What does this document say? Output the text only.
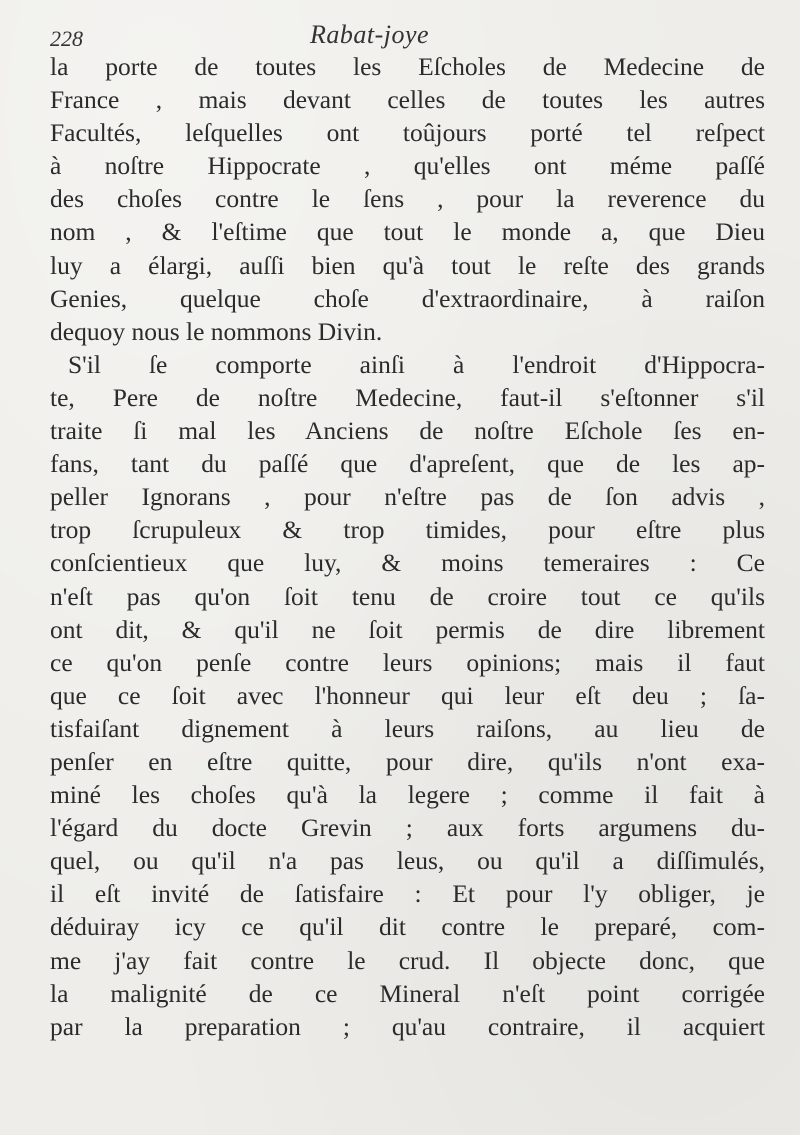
228	Rabat-joye
la porte de toutes les Eſcholes de Medecine de
France , mais devant celles de toutes les autres
Facultés, leſquelles ont toûjours porté tel reſpect
à noſtre Hippocrate , qu'elles ont méme paſſé
des choſes contre le ſens , pour la reverence du
nom , & l'eſtime que tout le monde a, que Dieu
luy a élargi, auſſi bien qu'à tout le reſte des grands
Genies, quelque choſe d'extraordinaire, à raiſon
dequoy nous le nommons Divin.
S'il ſe comporte ainſi à l'endroit d'Hippocra-
te, Pere de noſtre Medecine, faut-il s'eſtonner s'il
traite ſi mal les Anciens de noſtre Eſchole ſes en-
fans, tant du paſſé que d'apreſent, que de les ap-
peller Ignorans , pour n'eſtre pas de ſon advis ,
trop ſcrupuleux & trop timides, pour eſtre plus
conſcientieux que luy, & moins temeraires : Ce
n'eſt pas qu'on ſoit tenu de croire tout ce qu'ils
ont dit, & qu'il ne ſoit permis de dire librement
ce qu'on penſe contre leurs opinions; mais il faut
que ce ſoit avec l'honneur qui leur eſt deu ; ſa-
tisfaiſant dignement à leurs raiſons, au lieu de
penſer en eſtre quitte, pour dire, qu'ils n'ont exa-
miné les choſes qu'à la legere ; comme il fait à
l'égard du docte Grevin ; aux forts argumens du-
quel, ou qu'il n'a pas leus, ou qu'il a diſſimulés,
il eſt invité de ſatisfaire : Et pour l'y obliger, je
déduiray icy ce qu'il dit contre le preparé, com-
me j'ay fait contre le crud. Il objecte donc, que
la malignité de ce Mineral n'eſt point corrigée
par la preparation ; qu'au contraire, il acquiert
